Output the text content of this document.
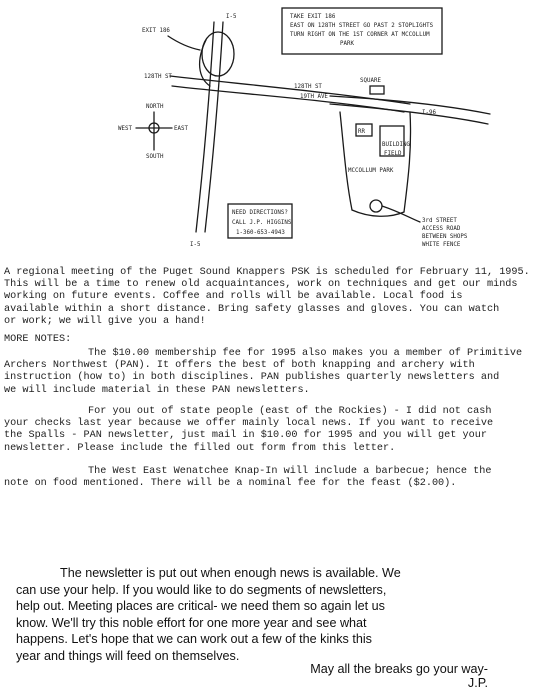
TAKE EXIT 186
EAST ON 128TH STREET GO PAST 2 STOPLIGHTS
TURN RIGHT ON THE 1ST CORNER AT MCCOLLUM
PARK
EXIT 186
I-5
I-5
128TH ST
128TH ST
19TH AVE
I-96
NORTH
SOUTH
EAST
WEST
SQUARE
RR
BUILDING
FIELD
MCCOLLUM PARK
NEED DIRECTIONS?
CALL J.P. HIGGINS
1-360-653-4943
3rd STREET
ACCESS ROAD
BETWEEN SHOPS
WHITE FENCE

A regional meeting of the Puget Sound Knappers PSK is scheduled for February 11, 1995.

This will be a time to renew old acquaintances, work on techniques and get our minds

working on future events. Coffee and rolls will be available. Local food is

available within a short distance. Bring safety glasses and gloves. You can watch

or work; we will give you a hand!

MORE NOTES:

The $10.00 membership fee for 1995 also makes you a member of Primitive

Archers Northwest (PAN). It offers the best of both knapping and archery with

instruction (how to) in both disciplines. PAN publishes quarterly newsletters and

we will include material in these PAN newsletters.

For you out of state people (east of the Rockies) - I did not cash

your checks last year because we offer mainly local news. If you want to receive

the Spalls - PAN newsletter, just mail in $10.00 for 1995 and you will get your

newsletter. Please include the filled out form from this letter.

The West East Wenatchee Knap-In will include a barbecue; hence the

note on food mentioned. There will be a nominal fee for the feast ($2.00).

The newsletter is put out when enough news is available. We

can use your help. If you would like to do segments of newsletters,

help out. Meeting places are critical- we need them so again let us

know. We'll try this noble effort for one more year and see what

happens. Let's hope that we can work out a few of the kinks this

year and things will feed on themselves.

May all the breaks go your way-
J.P.
